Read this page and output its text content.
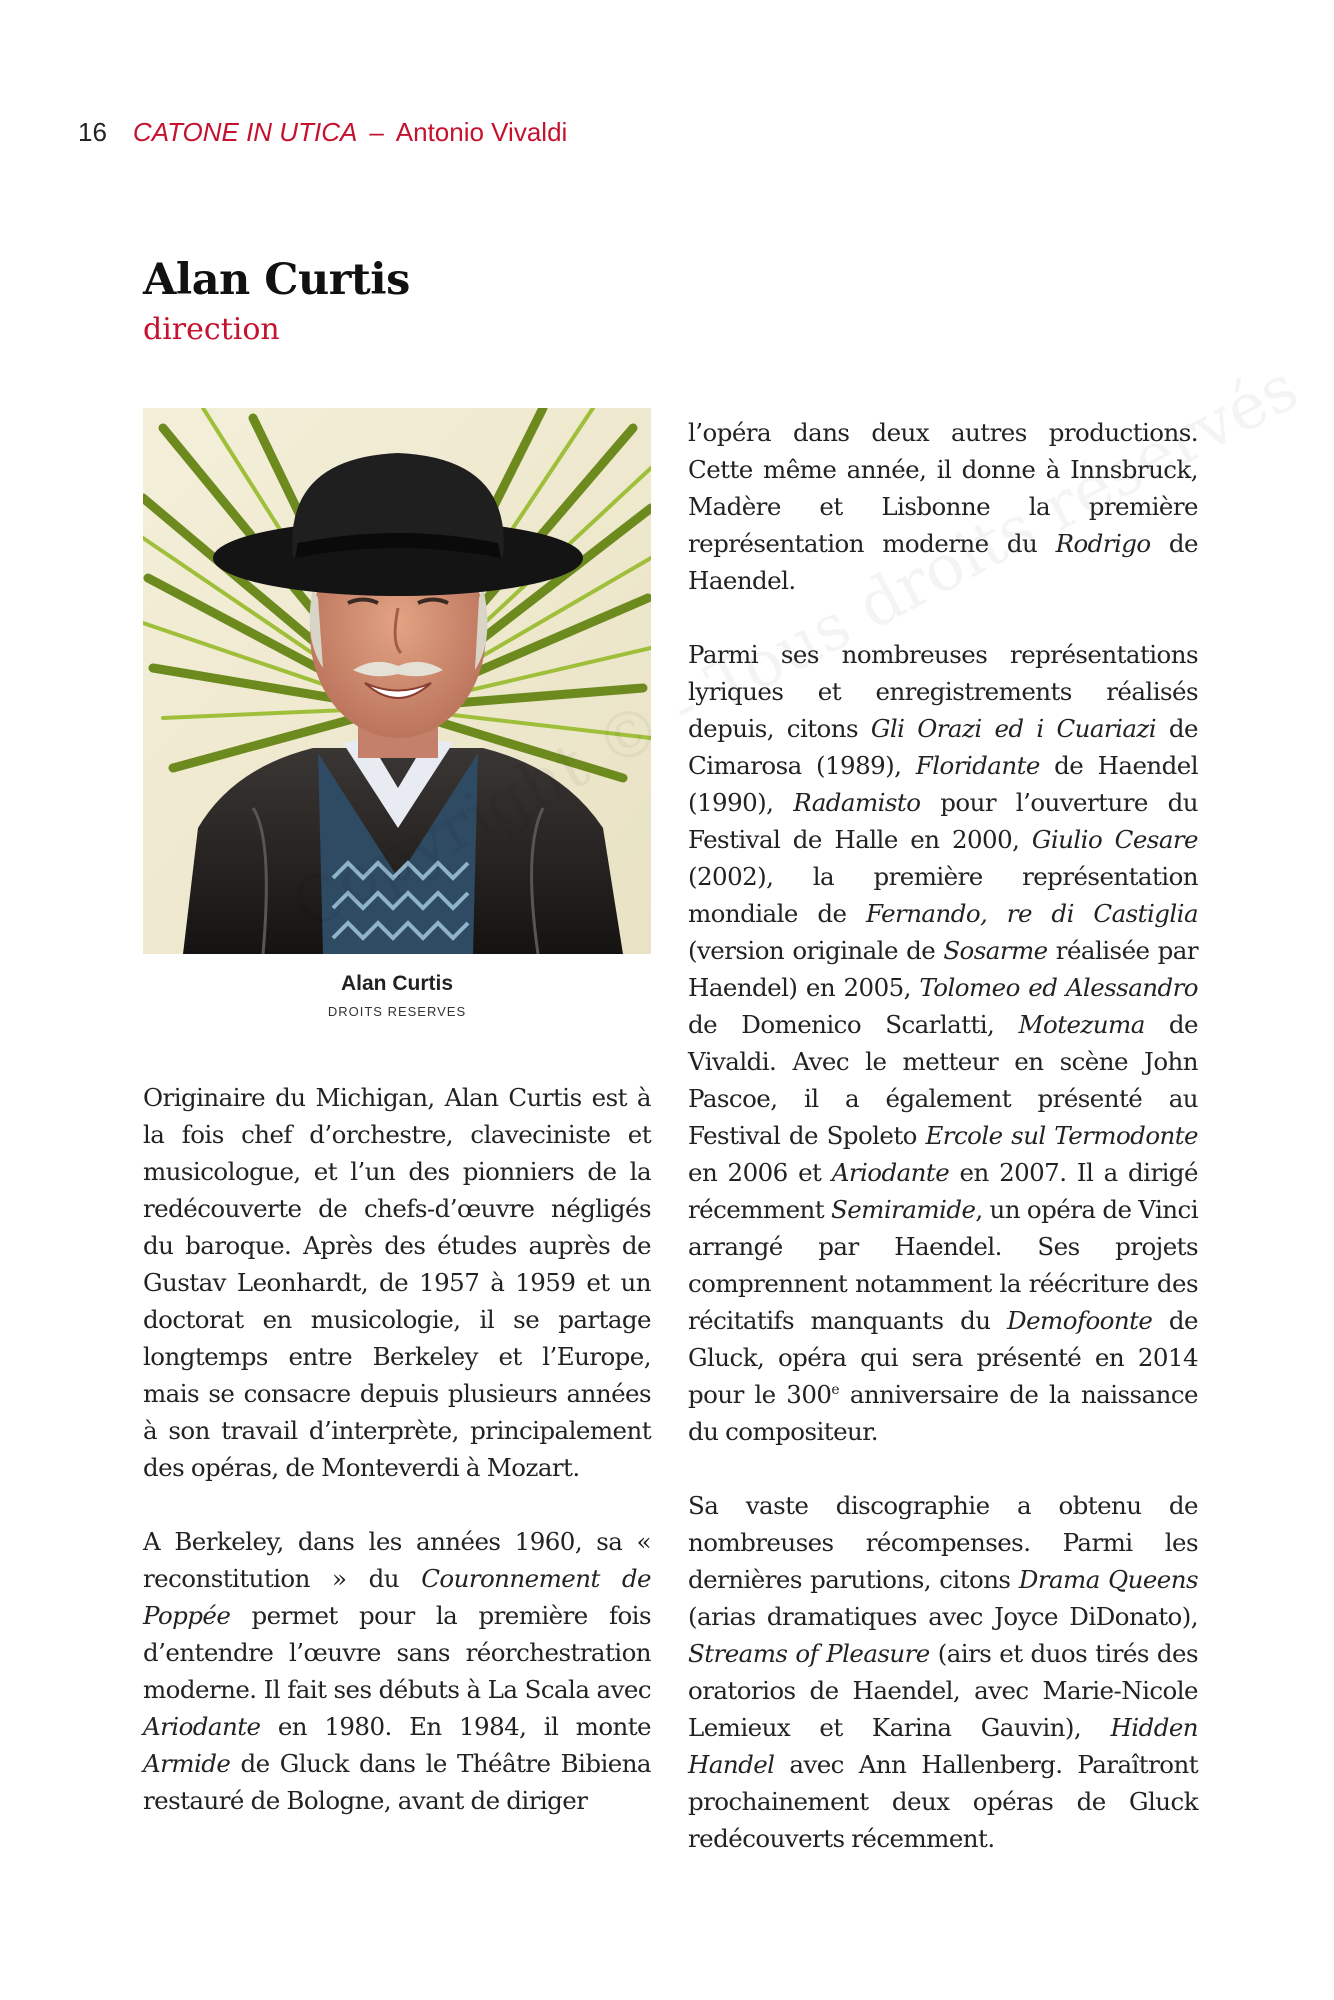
16 CATONE IN UTICA – Antonio Vivaldi
Alan Curtis
direction
Alan Curtis
DROITS RESERVES

Originaire du Michigan, Alan Curtis est à la fois chef d’orchestre, claveciniste et musicologue, et l’un des pionniers de la redécouverte de chefs-d’œuvre négligés du baroque. Après des études auprès de Gustav Leonhardt, de 1957 à 1959 et un doctorat en musicologie, il se partage longtemps entre Berkeley et l’Europe, mais se consacre depuis plusieurs années à son travail d’interprète, principalement des opéras, de Monteverdi à Mozart.

A Berkeley, dans les années 1960, sa « reconstitution » du Couronnement de Poppée permet pour la première fois d’entendre l’œuvre sans réorchestration moderne. Il fait ses débuts à La Scala avec Ariodante en 1980. En 1984, il monte Armide de Gluck dans le Théâtre Bibiena restauré de Bologne, avant de diriger

l’opéra dans deux autres productions. Cette même année, il donne à Innsbruck, Madère et Lisbonne la première représentation moderne du Rodrigo de Haendel.

Parmi ses nombreuses représentations lyriques et enregistrements réalisés depuis, citons Gli Orazi ed i Cuariazi de Cimarosa (1989), Floridante de Haendel (1990), Radamisto pour l’ouverture du Festival de Halle en 2000, Giulio Cesare (2002), la première représentation mondiale de Fernando, re di Castiglia (version originale de Sosarme réalisée par Haendel) en 2005, Tolomeo ed Alessandro de Domenico Scarlatti, Motezuma de Vivaldi. Avec le metteur en scène John Pascoe, il a également présenté au Festival de Spoleto Ercole sul Termodonte en 2006 et Ariodante en 2007. Il a dirigé récemment Semiramide, un opéra de Vinci arrangé par Haendel. Ses projets comprennent notamment la réécriture des récitatifs manquants du Demofoonte de Gluck, opéra qui sera présenté en 2014 pour le 300e anniversaire de la naissance du compositeur.

Sa vaste discographie a obtenu de nombreuses récompenses. Parmi les dernières parutions, citons Drama Queens (arias dramatiques avec Joyce DiDonato), Streams of Pleasure (airs et duos tirés des oratorios de Haendel, avec Marie-Nicole Lemieux et Karina Gauvin), Hidden Handel avec Ann Hallenberg. Paraîtront prochainement deux opéras de Gluck redécouverts récemment.
